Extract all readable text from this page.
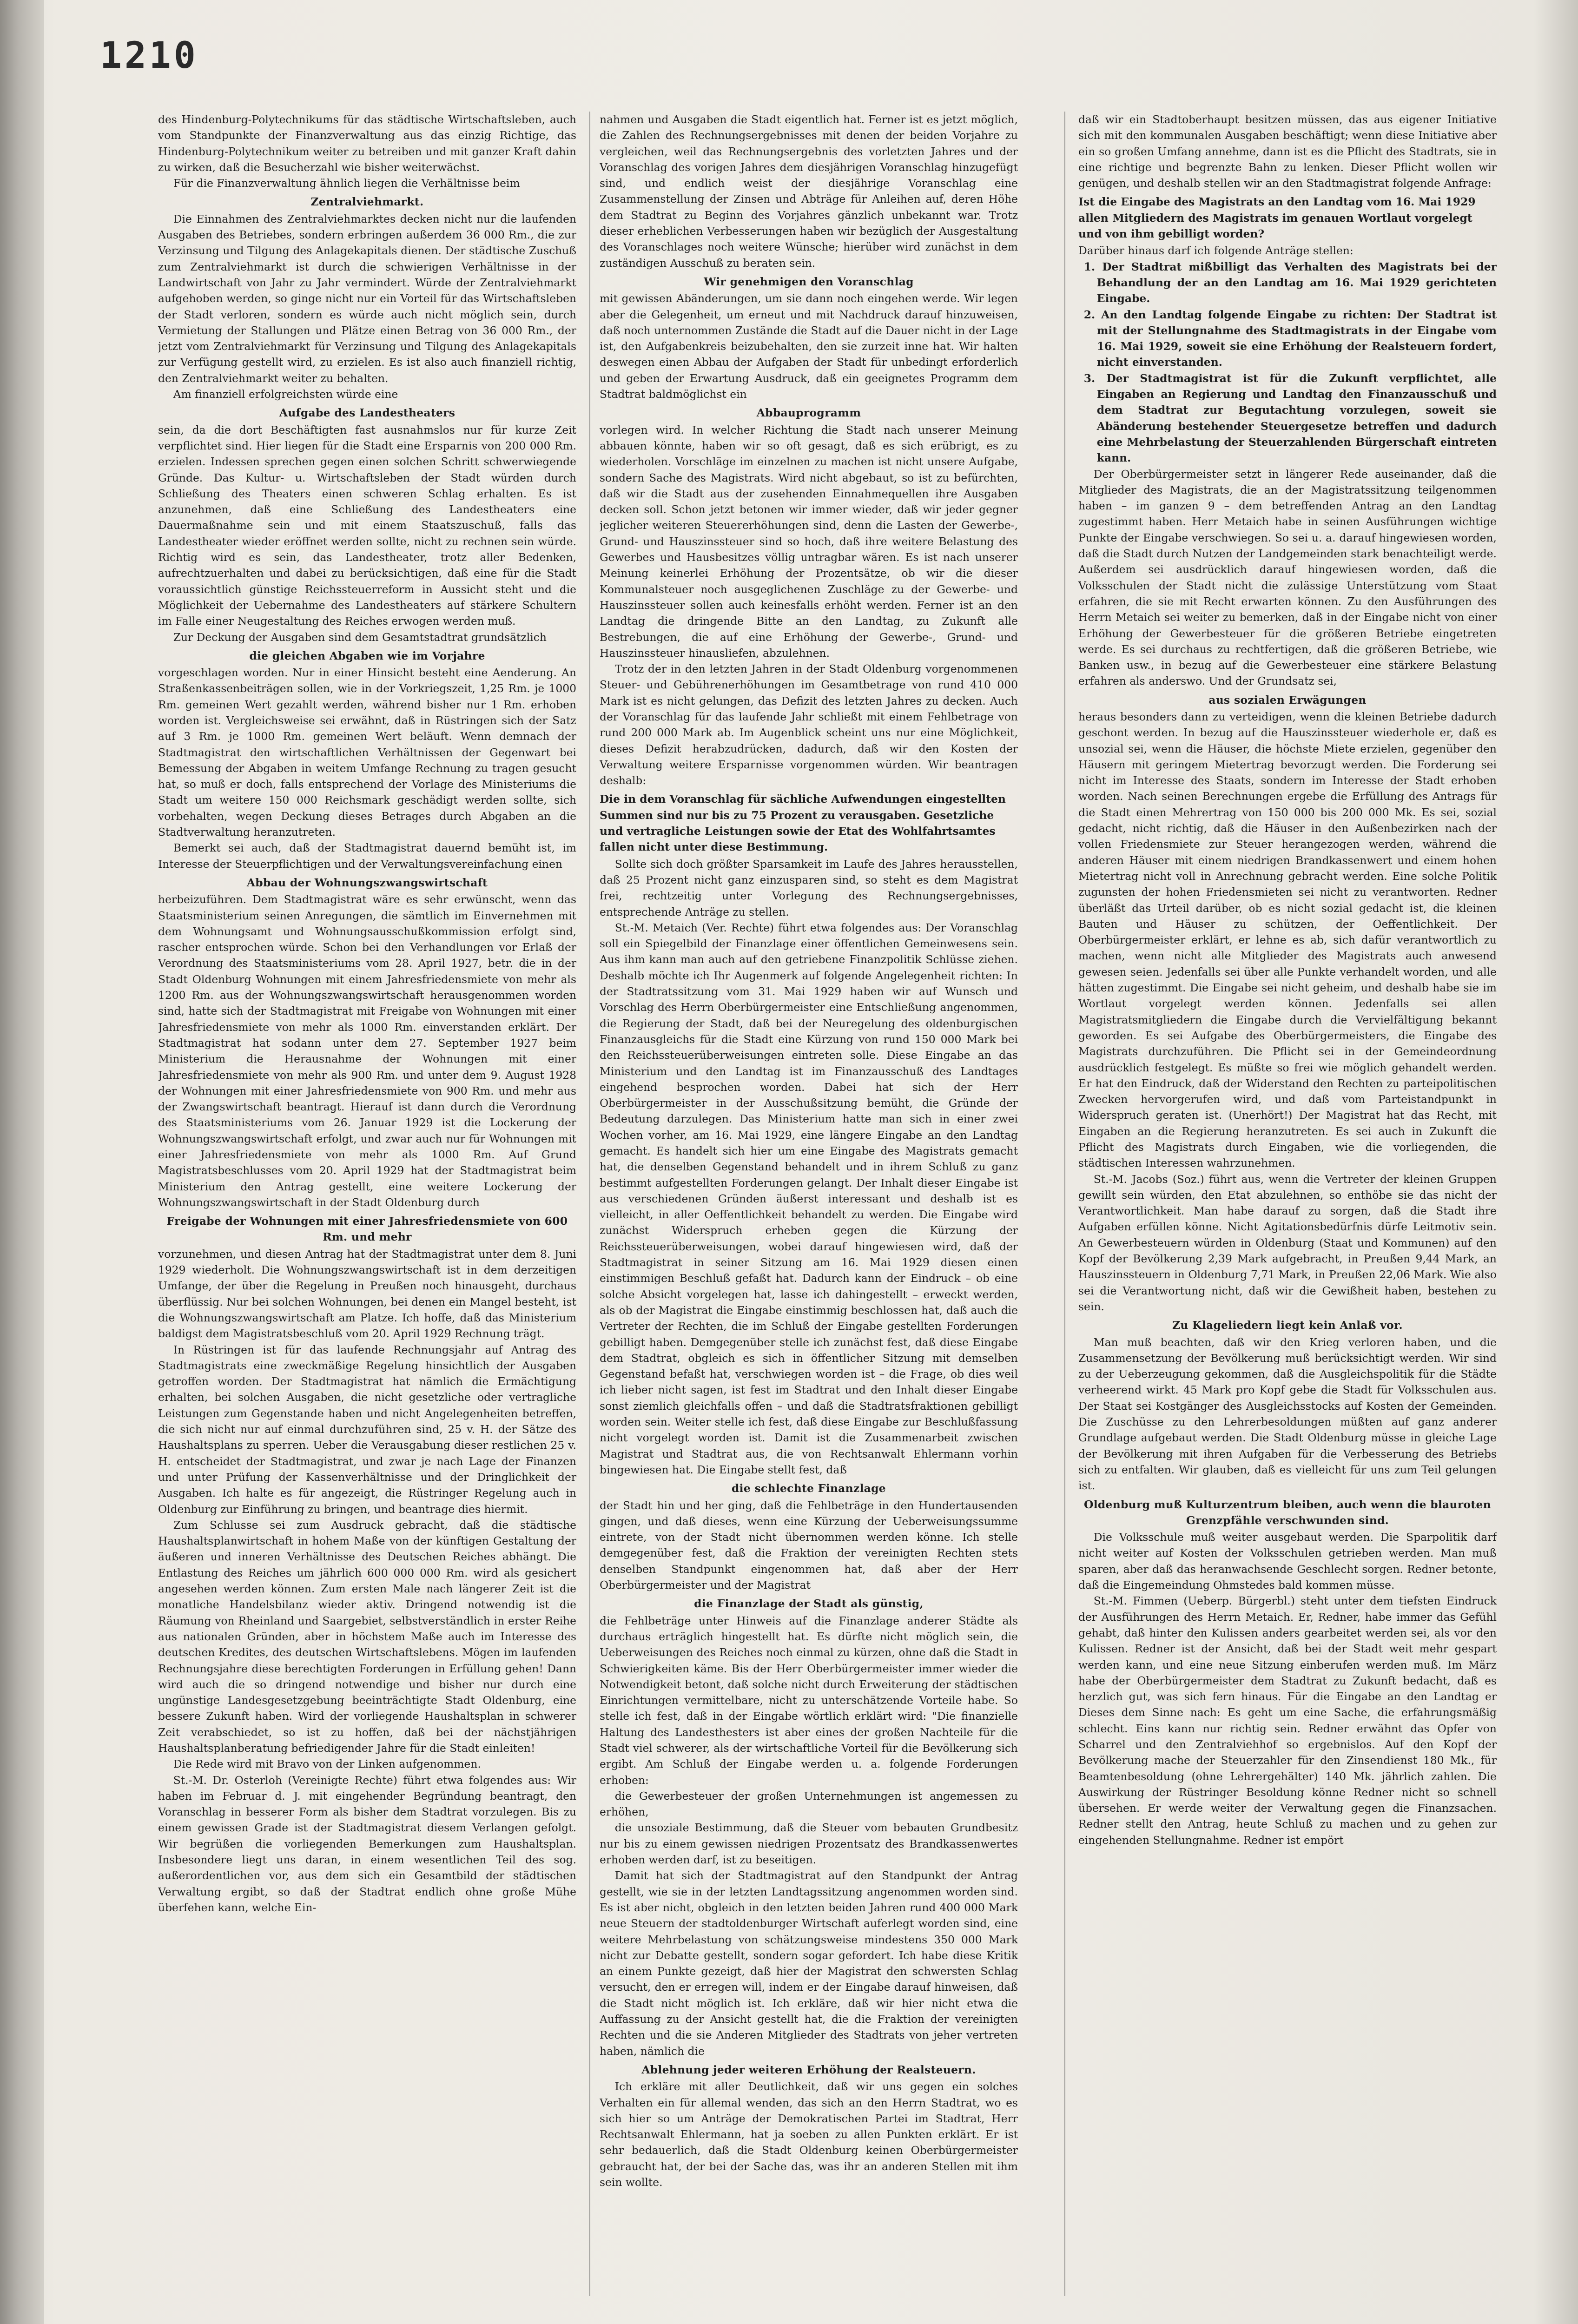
1210

des Hindenburg-Polytechnikums für das städtische Wirtschaftsleben, auch vom Standpunkte der Finanzverwaltung aus das einzig Richtige, das Hindenburg-Polytechnikum weiter zu betreiben und mit ganzer Kraft dahin zu wirken, daß die Besucherzahl wie bisher weiterwächst.

Für die Finanzverwaltung ähnlich liegen die Verhältnisse beim

Zentralviehmarkt.

Die Einnahmen des Zentralviehmarktes decken nicht nur die laufenden Ausgaben des Betriebes, sondern erbringen außerdem 36 000 Rm., die zur Verzinsung und Tilgung des Anlagekapitals dienen. Der städtische Zuschuß zum Zentralviehmarkt ist durch die schwierigen Verhältnisse in der Landwirtschaft von Jahr zu Jahr vermindert. Würde der Zentralviehmarkt aufgehoben werden, so ginge nicht nur ein Vorteil für das Wirtschaftsleben der Stadt verloren, sondern es würde auch nicht möglich sein, durch Vermietung der Stallungen und Plätze einen Betrag von 36 000 Rm., der jetzt vom Zentralviehmarkt für Verzinsung und Tilgung des Anlagekapitals zur Verfügung gestellt wird, zu erzielen. Es ist also auch finanziell richtig, den Zentralviehmarkt weiter zu behalten.

Am finanziell erfolgreichsten würde eine

Aufgabe des Landestheaters

sein, da die dort Beschäftigten fast ausnahmslos nur für kurze Zeit verpflichtet sind. Hier liegen für die Stadt eine Ersparnis von 200 000 Rm. erzielen. Indessen sprechen gegen einen solchen Schritt schwerwiegende Gründe. Das Kultur- u. Wirtschaftsleben der Stadt würden durch Schließung des Theaters einen schweren Schlag erhalten. Es ist anzunehmen, daß eine Schließung des Landestheaters eine Dauermaßnahme sein und mit einem Staatszuschuß, falls das Landestheater wieder eröffnet werden sollte, nicht zu rechnen sein würde. Richtig wird es sein, das Landestheater, trotz aller Bedenken, aufrechtzuerhalten und dabei zu berücksichtigen, daß eine für die Stadt voraussichtlich günstige Reichssteuerreform in Aussicht steht und die Möglichkeit der Uebernahme des Landestheaters auf stärkere Schultern im Falle einer Neugestaltung des Reiches erwogen werden muß.

Zur Deckung der Ausgaben sind dem Gesamtstadtrat grundsätzlich

die gleichen Abgaben wie im Vorjahre

vorgeschlagen worden. Nur in einer Hinsicht besteht eine Aenderung. An Straßenkassenbeiträgen sollen, wie in der Vorkriegszeit, 1,25 Rm. je 1000 Rm. gemeinen Wert gezahlt werden, während bisher nur 1 Rm. erhoben worden ist. Vergleichsweise sei erwähnt, daß in Rüstringen sich der Satz auf 3 Rm. je 1000 Rm. gemeinen Wert beläuft. Wenn demnach der Stadtmagistrat den wirtschaftlichen Verhältnissen der Gegenwart bei Bemessung der Abgaben in weitem Umfange Rechnung zu tragen gesucht hat, so muß er doch, falls entsprechend der Vorlage des Ministeriums die Stadt um weitere 150 000 Reichsmark geschädigt werden sollte, sich vorbehalten, wegen Deckung dieses Betrages durch Abgaben an die Stadtverwaltung heranzutreten.

Bemerkt sei auch, daß der Stadtmagistrat dauernd bemüht ist, im Interesse der Steuerpflichtigen und der Verwaltungsvereinfachung einen

Abbau der Wohnungszwangswirtschaft

herbeizuführen. Dem Stadtmagistrat wäre es sehr erwünscht, wenn das Staatsministerium seinen Anregungen, die sämtlich im Einvernehmen mit dem Wohnungsamt und Wohnungsausschußkommission erfolgt sind, rascher entsprochen würde. Schon bei den Verhandlungen vor Erlaß der Verordnung des Staatsministeriums vom 28. April 1927, betr. die in der Stadt Oldenburg Wohnungen mit einem Jahresfriedensmiete von mehr als 1200 Rm. aus der Wohnungszwangswirtschaft herausgenommen worden sind, hatte sich der Stadtmagistrat mit Freigabe von Wohnungen mit einer Jahresfriedensmiete von mehr als 1000 Rm. einverstanden erklärt. Der Stadtmagistrat hat sodann unter dem 27. September 1927 beim Ministerium die Herausnahme der Wohnungen mit einer Jahresfriedensmiete von mehr als 900 Rm. und unter dem 9. August 1928 der Wohnungen mit einer Jahresfriedensmiete von 900 Rm. und mehr aus der Zwangswirtschaft beantragt. Hierauf ist dann durch die Verordnung des Staatsministeriums vom 26. Januar 1929 ist die Lockerung der Wohnungszwangswirtschaft erfolgt, und zwar auch nur für Wohnungen mit einer Jahresfriedensmiete von mehr als 1000 Rm. Auf Grund Magistratsbeschlusses vom 20. April 1929 hat der Stadtmagistrat beim Ministerium den Antrag gestellt, eine weitere Lockerung der Wohnungszwangswirtschaft in der Stadt Oldenburg durch

Freigabe der Wohnungen mit einer Jahresfriedensmiete von 600 Rm. und mehr

vorzunehmen, und diesen Antrag hat der Stadtmagistrat unter dem 8. Juni 1929 wiederholt. Die Wohnungszwangswirtschaft ist in dem derzeitigen Umfange, der über die Regelung in Preußen noch hinausgeht, durchaus überflüssig. Nur bei solchen Wohnungen, bei denen ein Mangel besteht, ist die Wohnungszwangswirtschaft am Platze. Ich hoffe, daß das Ministerium baldigst dem Magistratsbeschluß vom 20. April 1929 Rechnung trägt.

In Rüstringen ist für das laufende Rechnungsjahr auf Antrag des Stadtmagistrats eine zweckmäßige Regelung hinsichtlich der Ausgaben getroffen worden. Der Stadtmagistrat hat nämlich die Ermächtigung erhalten, bei solchen Ausgaben, die nicht gesetzliche oder vertragliche Leistungen zum Gegenstande haben und nicht Angelegenheiten betreffen, die sich nicht nur auf einmal durchzuführen sind, 25 v. H. der Sätze des Haushaltsplans zu sperren. Ueber die Verausgabung dieser restlichen 25 v. H. entscheidet der Stadtmagistrat, und zwar je nach Lage der Finanzen und unter Prüfung der Kassenverhältnisse und der Dringlichkeit der Ausgaben. Ich halte es für angezeigt, die Rüstringer Regelung auch in Oldenburg zur Einführung zu bringen, und beantrage dies hiermit.

Zum Schlusse sei zum Ausdruck gebracht, daß die städtische Haushaltsplanwirtschaft in hohem Maße von der künftigen Gestaltung der äußeren und inneren Verhältnisse des Deutschen Reiches abhängt. Die Entlastung des Reiches um jährlich 600 000 000 Rm. wird als gesichert angesehen werden können. Zum ersten Male nach längerer Zeit ist die monatliche Handelsbilanz wieder aktiv. Dringend notwendig ist die Räumung von Rheinland und Saargebiet, selbstverständlich in erster Reihe aus nationalen Gründen, aber in höchstem Maße auch im Interesse des deutschen Kredites, des deutschen Wirtschaftslebens. Mögen im laufenden Rechnungsjahre diese berechtigten Forderungen in Erfüllung gehen! Dann wird auch die so dringend notwendige und bisher nur durch eine ungünstige Landesgesetzgebung beeinträchtigte Stadt Oldenburg, eine bessere Zukunft haben. Wird der vorliegende Haushaltsplan in schwerer Zeit verabschiedet, so ist zu hoffen, daß bei der nächstjährigen Haushaltsplanberatung befriedigender Jahre für die Stadt einleiten!

Die Rede wird mit Bravo von der Linken aufgenommen.

St.-M. Dr. Osterloh (Vereinigte Rechte) führt etwa folgendes aus: Wir haben im Februar d. J. mit eingehender Begründung beantragt, den Voranschlag in besserer Form als bisher dem Stadtrat vorzulegen. Bis zu einem gewissen Grade ist der Stadtmagistrat diesem Verlangen gefolgt. Wir begrüßen die vorliegenden Bemerkungen zum Haushaltsplan. Insbesondere liegt uns daran, in einem wesentlichen Teil des sog. außerordentlichen vor, aus dem sich ein Gesamtbild der städtischen Verwaltung ergibt, so daß der Stadtrat endlich ohne große Mühe überfehen kann, welche Ein-

nahmen und Ausgaben die Stadt eigentlich hat. Ferner ist es jetzt möglich, die Zahlen des Rechnungsergebnisses mit denen der beiden Vorjahre zu vergleichen, weil das Rechnungsergebnis des vorletzten Jahres und der Voranschlag des vorigen Jahres dem diesjährigen Voranschlag hinzugefügt sind, und endlich weist der diesjährige Voranschlag eine Zusammenstellung der Zinsen und Abträge für Anleihen auf, deren Höhe dem Stadtrat zu Beginn des Vorjahres gänzlich unbekannt war. Trotz dieser erheblichen Verbesserungen haben wir bezüglich der Ausgestaltung des Voranschlages noch weitere Wünsche; hierüber wird zunächst in dem zuständigen Ausschuß zu beraten sein.

Wir genehmigen den Voranschlag

mit gewissen Abänderungen, um sie dann noch eingehen werde. Wir legen aber die Gelegenheit, um erneut und mit Nachdruck darauf hinzuweisen, daß noch unternommen Zustände die Stadt auf die Dauer nicht in der Lage ist, den Aufgabenkreis beizubehalten, den sie zurzeit inne hat. Wir halten deswegen einen Abbau der Aufgaben der Stadt für unbedingt erforderlich und geben der Erwartung Ausdruck, daß ein geeignetes Programm dem Stadtrat baldmöglichst ein

Abbauprogramm

vorlegen wird. In welcher Richtung die Stadt nach unserer Meinung abbauen könnte, haben wir so oft gesagt, daß es sich erübrigt, es zu wiederholen. Vorschläge im einzelnen zu machen ist nicht unsere Aufgabe, sondern Sache des Magistrats. Wird nicht abgebaut, so ist zu befürchten, daß wir die Stadt aus der zusehenden Einnahmequellen ihre Ausgaben decken soll. Schon jetzt betonen wir immer wieder, daß wir jeder gegner jeglicher weiteren Steuererhöhungen sind, denn die Lasten der Gewerbe-, Grund- und Hauszinssteuer sind so hoch, daß ihre weitere Belastung des Gewerbes und Hausbesitzes völlig untragbar wären. Es ist nach unserer Meinung keinerlei Erhöhung der Prozentsätze, ob wir die dieser Kommunalsteuer noch ausgeglichenen Zuschläge zu der Gewerbe- und Hauszinssteuer sollen auch keinesfalls erhöht werden. Ferner ist an den Landtag die dringende Bitte an den Landtag, zu Zukunft alle Bestrebungen, die auf eine Erhöhung der Gewerbe-, Grund- und Hauszinssteuer hinausliefen, abzulehnen.

Trotz der in den letzten Jahren in der Stadt Oldenburg vorgenommenen Steuer- und Gebührenerhöhungen im Gesamtbetrage von rund 410 000 Mark ist es nicht gelungen, das Defizit des letzten Jahres zu decken. Auch der Voranschlag für das laufende Jahr schließt mit einem Fehlbetrage von rund 200 000 Mark ab. Im Augenblick scheint uns nur eine Möglichkeit, dieses Defizit herabzudrücken, dadurch, daß wir den Kosten der Verwaltung weitere Ersparnisse vorgenommen würden. Wir beantragen deshalb:

Die in dem Voranschlag für sächliche Aufwendungen eingestellten Summen sind nur bis zu 75 Prozent zu verausgaben. Gesetzliche und vertragliche Leistungen sowie der Etat des Wohlfahrtsamtes fallen nicht unter diese Bestimmung.

Sollte sich doch größter Sparsamkeit im Laufe des Jahres herausstellen, daß 25 Prozent nicht ganz einzusparen sind, so steht es dem Magistrat frei, rechtzeitig unter Vorlegung des Rechnungsergebnisses, entsprechende Anträge zu stellen.

St.-M. Metaich (Ver. Rechte) führt etwa folgendes aus: Der Voranschlag soll ein Spiegelbild der Finanzlage einer öffentlichen Gemeinwesens sein. Aus ihm kann man auch auf den getriebene Finanzpolitik Schlüsse ziehen. Deshalb möchte ich Ihr Augenmerk auf folgende Angelegenheit richten: In der Stadtratssitzung vom 31. Mai 1929 haben wir auf Wunsch und Vorschlag des Herrn Oberbürgermeister eine Entschließung angenommen, die Regierung der Stadt, daß bei der Neuregelung des oldenburgischen Finanzausgleichs für die Stadt eine Kürzung von rund 150 000 Mark bei den Reichssteuerüberweisungen eintreten solle. Diese Eingabe an das Ministerium und den Landtag ist im Finanzausschuß des Landtages eingehend besprochen worden. Dabei hat sich der Herr Oberbürgermeister in der Ausschußsitzung bemüht, die Gründe der Bedeutung darzulegen. Das Ministerium hatte man sich in einer zwei Wochen vorher, am 16. Mai 1929, eine längere Eingabe an den Landtag gemacht. Es handelt sich hier um eine Eingabe des Magistrats gemacht hat, die denselben Gegenstand behandelt und in ihrem Schluß zu ganz bestimmt aufgestellten Forderungen gelangt. Der Inhalt dieser Eingabe ist aus verschiedenen Gründen äußerst interessant und deshalb ist es vielleicht, in aller Oeffentlichkeit behandelt zu werden. Die Eingabe wird zunächst Widerspruch erheben gegen die Kürzung der Reichssteuerüberweisungen, wobei darauf hingewiesen wird, daß der Stadtmagistrat in seiner Sitzung am 16. Mai 1929 diesen einen einstimmigen Beschluß gefaßt hat. Dadurch kann der Eindruck – ob eine solche Absicht vorgelegen hat, lasse ich dahingestellt – erweckt werden, als ob der Magistrat die Eingabe einstimmig beschlossen hat, daß auch die Vertreter der Rechten, die im Schluß der Eingabe gestellten Forderungen gebilligt haben. Demgegenüber stelle ich zunächst fest, daß diese Eingabe dem Stadtrat, obgleich es sich in öffentlicher Sitzung mit demselben Gegenstand befaßt hat, verschwiegen worden ist – die Frage, ob dies weil ich lieber nicht sagen, ist fest im Stadtrat und den Inhalt dieser Eingabe sonst ziemlich gleichfalls offen – und daß die Stadtratsfraktionen gebilligt worden sein. Weiter stelle ich fest, daß diese Eingabe zur Beschlußfassung nicht vorgelegt worden ist. Damit ist die Zusammenarbeit zwischen Magistrat und Stadtrat aus, die von Rechtsanwalt Ehlermann vorhin bingewiesen hat. Die Eingabe stellt fest, daß

die schlechte Finanzlage

der Stadt hin und her ging, daß die Fehlbeträge in den Hundertausenden gingen, und daß dieses, wenn eine Kürzung der Ueberweisungssumme eintrete, von der Stadt nicht übernommen werden könne. Ich stelle demgegenüber fest, daß die Fraktion der vereinigten Rechten stets denselben Standpunkt eingenommen hat, daß aber der Herr Oberbürgermeister und der Magistrat

die Finanzlage der Stadt als günstig,

die Fehlbeträge unter Hinweis auf die Finanzlage anderer Städte als durchaus erträglich hingestellt hat. Es dürfte nicht möglich sein, die Ueberweisungen des Reiches noch einmal zu kürzen, ohne daß die Stadt in Schwierigkeiten käme. Bis der Herr Oberbürgermeister immer wieder die Notwendigkeit betont, daß solche nicht durch Erweiterung der städtischen Einrichtungen vermittelbare, nicht zu unterschätzende Vorteile habe. So stelle ich fest, daß in der Eingabe wörtlich erklärt wird: "Die finanzielle Haltung des Landesthesters ist aber eines der großen Nachteile für die Stadt viel schwerer, als der wirtschaftliche Vorteil für die Bevölkerung sich ergibt. Am Schluß der Eingabe werden u. a. folgende Forderungen erhoben:

die Gewerbesteuer der großen Unternehmungen ist angemessen zu erhöhen,

die unsoziale Bestimmung, daß die Steuer vom bebauten Grundbesitz nur bis zu einem gewissen niedrigen Prozentsatz des Brandkassenwertes erhoben werden darf, ist zu beseitigen.

Damit hat sich der Stadtmagistrat auf den Standpunkt der Antrag gestellt, wie sie in der letzten Landtagssitzung angenommen worden sind. Es ist aber nicht, obgleich in den letzten beiden Jahren rund 400 000 Mark neue Steuern der stadtoldenburger Wirtschaft auferlegt worden sind, eine weitere Mehrbelastung von schätzungsweise mindestens 350 000 Mark nicht zur Debatte gestellt, sondern sogar gefordert. Ich habe diese Kritik an einem Punkte gezeigt, daß hier der Magistrat den schwersten Schlag versucht, den er erregen will, indem er der Eingabe darauf hinweisen, daß die Stadt nicht möglich ist. Ich erkläre, daß wir hier nicht etwa die Auffassung zu der Ansicht gestellt hat, die die Fraktion der vereinigten Rechten und die sie Anderen Mitglieder des Stadtrats von jeher vertreten haben, nämlich die

Ablehnung jeder weiteren Erhöhung der Realsteuern.

Ich erkläre mit aller Deutlichkeit, daß wir uns gegen ein solches Verhalten ein für allemal wenden, das sich an den Herrn Stadtrat, wo es sich hier so um Anträge der Demokratischen Partei im Stadtrat, Herr Rechtsanwalt Ehlermann, hat ja soeben zu allen Punkten erklärt. Er ist sehr bedauerlich, daß die Stadt Oldenburg keinen Oberbürgermeister gebraucht hat, der bei der Sache das, was ihr an anderen Stellen mit ihm sein wollte.

daß wir ein Stadtoberhaupt besitzen müssen, das aus eigener Initiative sich mit den kommunalen Ausgaben beschäftigt; wenn diese Initiative aber ein so großen Umfang annehme, dann ist es die Pflicht des Stadtrats, sie in eine richtige und begrenzte Bahn zu lenken. Dieser Pflicht wollen wir genügen, und deshalb stellen wir an den Stadtmagistrat folgende Anfrage:

Ist die Eingabe des Magistrats an den Landtag vom 16. Mai 1929 allen Mitgliedern des Magistrats im genauen Wortlaut vorgelegt und von ihm gebilligt worden?

Darüber hinaus darf ich folgende Anträge stellen:

1. Der Stadtrat mißbilligt das Verhalten des Magistrats bei der Behandlung der an den Landtag am 16. Mai 1929 gerichteten Eingabe.

2. An den Landtag folgende Eingabe zu richten: Der Stadtrat ist mit der Stellungnahme des Stadtmagistrats in der Eingabe vom 16. Mai 1929, soweit sie eine Erhöhung der Realsteuern fordert, nicht einverstanden.

3. Der Stadtmagistrat ist für die Zukunft verpflichtet, alle Eingaben an Regierung und Landtag den Finanzausschuß und dem Stadtrat zur Begutachtung vorzulegen, soweit sie Abänderung bestehender Steuergesetze betreffen und dadurch eine Mehrbelastung der Steuerzahlenden Bürgerschaft eintreten kann.

Der Oberbürgermeister setzt in längerer Rede auseinander, daß die Mitglieder des Magistrats, die an der Magistratssitzung teilgenommen haben – im ganzen 9 – dem betreffenden Antrag an den Landtag zugestimmt haben. Herr Metaich habe in seinen Ausführungen wichtige Punkte der Eingabe verschwiegen. So sei u. a. darauf hingewiesen worden, daß die Stadt durch Nutzen der Landgemeinden stark benachteiligt werde. Außerdem sei ausdrücklich darauf hingewiesen worden, daß die Volksschulen der Stadt nicht die zulässige Unterstützung vom Staat erfahren, die sie mit Recht erwarten können. Zu den Ausführungen des Herrn Metaich sei weiter zu bemerken, daß in der Eingabe nicht von einer Erhöhung der Gewerbesteuer für die größeren Betriebe eingetreten werde. Es sei durchaus zu rechtfertigen, daß die größeren Betriebe, wie Banken usw., in bezug auf die Gewerbesteuer eine stärkere Belastung erfahren als anderswo. Und der Grundsatz sei,

aus sozialen Erwägungen

heraus besonders dann zu verteidigen, wenn die kleinen Betriebe dadurch geschont werden. In bezug auf die Hauszinssteuer wiederhole er, daß es unsozial sei, wenn die Häuser, die höchste Miete erzielen, gegenüber den Häusern mit geringem Mietertrag bevorzugt werden. Die Forderung sei nicht im Interesse des Staats, sondern im Interesse der Stadt erhoben worden. Nach seinen Berechnungen ergebe die Erfüllung des Antrags für die Stadt einen Mehrertrag von 150 000 bis 200 000 Mk. Es sei, sozial gedacht, nicht richtig, daß die Häuser in den Außenbezirken nach der vollen Friedensmiete zur Steuer herangezogen werden, während die anderen Häuser mit einem niedrigen Brandkassenwert und einem hohen Mietertrag nicht voll in Anrechnung gebracht werden. Eine solche Politik zugunsten der hohen Friedensmieten sei nicht zu verantworten. Redner überläßt das Urteil darüber, ob es nicht sozial gedacht ist, die kleinen Bauten und Häuser zu schützen, der Oeffentlichkeit. Der Oberbürgermeister erklärt, er lehne es ab, sich dafür verantwortlich zu machen, wenn nicht alle Mitglieder des Magistrats auch anwesend gewesen seien. Jedenfalls sei über alle Punkte verhandelt worden, und alle hätten zugestimmt. Die Eingabe sei nicht geheim, und deshalb habe sie im Wortlaut vorgelegt werden können. Jedenfalls sei allen Magistratsmitgliedern die Eingabe durch die Vervielfältigung bekannt geworden. Es sei Aufgabe des Oberbürgermeisters, die Eingabe des Magistrats durchzuführen. Die Pflicht sei in der Gemeindeordnung ausdrücklich festgelegt. Es müßte so frei wie möglich gehandelt werden. Er hat den Eindruck, daß der Widerstand den Rechten zu parteipolitischen Zwecken hervorgerufen wird, und daß vom Parteistandpunkt in Widerspruch geraten ist. (Unerhört!) Der Magistrat hat das Recht, mit Eingaben an die Regierung heranzutreten. Es sei auch in Zukunft die Pflicht des Magistrats durch Eingaben, wie die vorliegenden, die städtischen Interessen wahrzunehmen.

St.-M. Jacobs (Soz.) führt aus, wenn die Vertreter der kleinen Gruppen gewillt sein würden, den Etat abzulehnen, so enthöbe sie das nicht der Verantwortlichkeit. Man habe darauf zu sorgen, daß die Stadt ihre Aufgaben erfüllen könne. Nicht Agitationsbedürfnis dürfe Leitmotiv sein. An Gewerbesteuern würden in Oldenburg (Staat und Kommunen) auf den Kopf der Bevölkerung 2,39 Mark aufgebracht, in Preußen 9,44 Mark, an Hauszinssteuern in Oldenburg 7,71 Mark, in Preußen 22,06 Mark. Wie also sei die Verantwortung nicht, daß wir die Gewißheit haben, bestehen zu sein.

Zu Klageliedern liegt kein Anlaß vor.

Man muß beachten, daß wir den Krieg verloren haben, und die Zusammensetzung der Bevölkerung muß berücksichtigt werden. Wir sind zu der Ueberzeugung gekommen, daß die Ausgleichspolitik für die Städte verheerend wirkt. 45 Mark pro Kopf gebe die Stadt für Volksschulen aus. Der Staat sei Kostgänger des Ausgleichsstocks auf Kosten der Gemeinden. Die Zuschüsse zu den Lehrerbesoldungen müßten auf ganz anderer Grundlage aufgebaut werden. Die Stadt Oldenburg müsse in gleiche Lage der Bevölkerung mit ihren Aufgaben für die Verbesserung des Betriebs sich zu entfalten. Wir glauben, daß es vielleicht für uns zum Teil gelungen ist.

Oldenburg muß Kulturzentrum bleiben, auch wenn die blauroten Grenzpfähle verschwunden sind.

Die Volksschule muß weiter ausgebaut werden. Die Sparpolitik darf nicht weiter auf Kosten der Volksschulen getrieben werden. Man muß sparen, aber daß das heranwachsende Geschlecht sorgen. Redner betonte, daß die Eingemeindung Ohmstedes bald kommen müsse.

St.-M. Fimmen (Ueberp. Bürgerbl.) steht unter dem tiefsten Eindruck der Ausführungen des Herrn Metaich. Er, Redner, habe immer das Gefühl gehabt, daß hinter den Kulissen anders gearbeitet werden sei, als vor den Kulissen. Redner ist der Ansicht, daß bei der Stadt weit mehr gespart werden kann, und eine neue Sitzung einberufen werden muß. Im März habe der Oberbürgermeister dem Stadtrat zu Zukunft bedacht, daß es herzlich gut, was sich fern hinaus. Für die Eingabe an den Landtag er Dieses dem Sinne nach: Es geht um eine Sache, die erfahrungsmäßig schlecht. Eins kann nur richtig sein. Redner erwähnt das Opfer von Scharrel und den Zentralviehhof so ergebnislos. Auf den Kopf der Bevölkerung mache der Steuerzahler für den Zinsendienst 180 Mk., für Beamtenbesoldung (ohne Lehrergehälter) 140 Mk. jährlich zahlen. Die Auswirkung der Rüstringer Besoldung könne Redner nicht so schnell übersehen. Er werde weiter der Verwaltung gegen die Finanzsachen. Redner stellt den Antrag, heute Schluß zu machen und zu gehen zur eingehenden Stellungnahme. Redner ist empört
